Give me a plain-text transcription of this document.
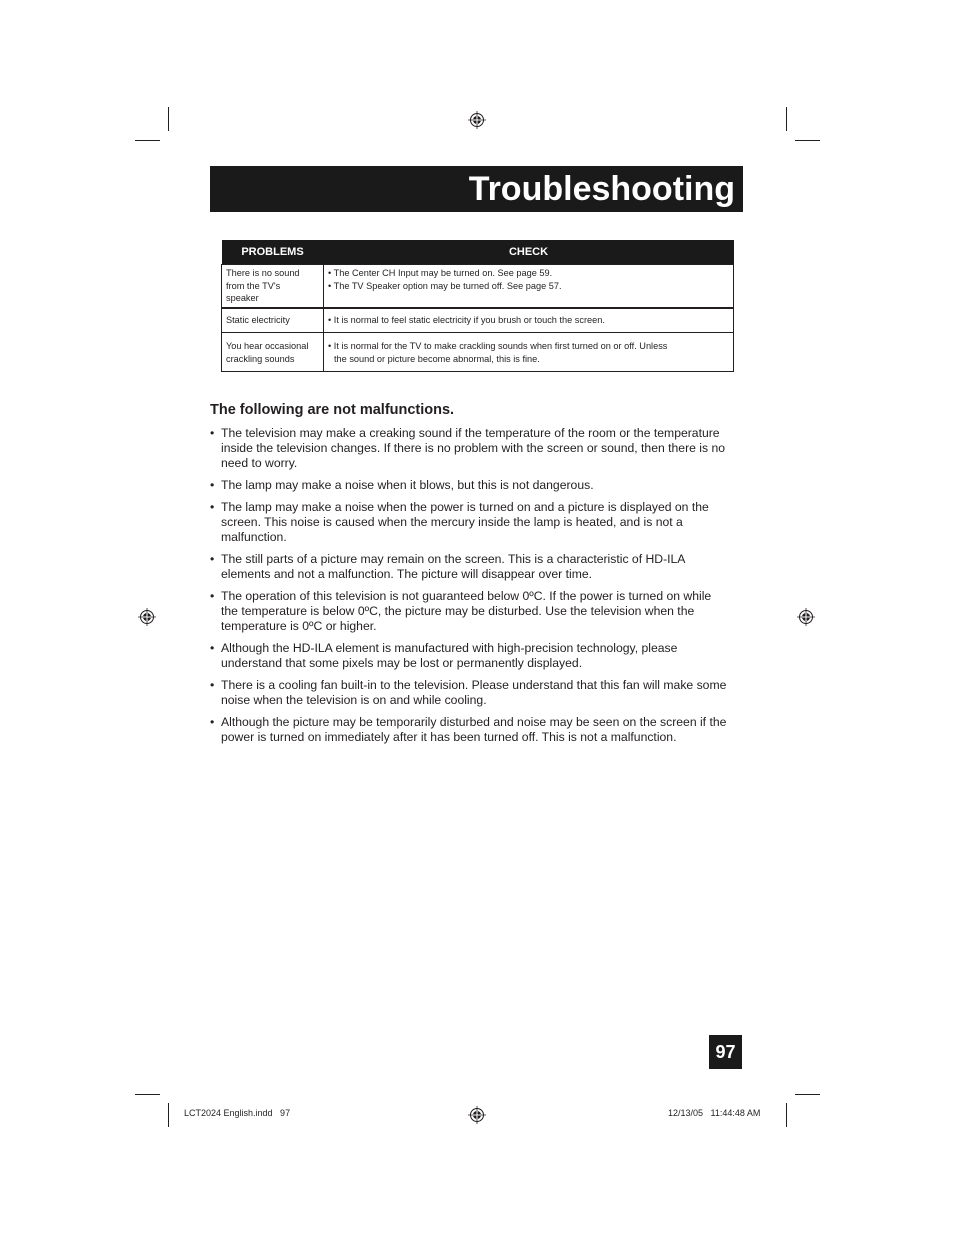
Troubleshooting
PROBLEMS	CHECK

There is no sound
from the TV's
speaker	• The Center CH Input may be turned on. See page 59.
• The TV Speaker option may be turned off. See page 57.

Static electricity	• It is normal to feel static electricity if you brush or touch the screen.

You hear occasional
crackling sounds	• It is normal for the TV to make crackling sounds when first turned on or off. Unless
the sound or picture become abnormal, this is fine.
The following are not malfunctions.
• The television may make a creaking sound if the temperature of the room or the temperature inside the television changes. If there is no problem with the screen or sound, then there is no need to worry.
• The lamp may make a noise when it blows, but this is not dangerous.
• The lamp may make a noise when the power is turned on and a picture is displayed on the screen. This noise is caused when the mercury inside the lamp is heated, and is not a malfunction.
• The still parts of a picture may remain on the screen. This is a characteristic of HD-ILA elements and not a malfunction. The picture will disappear over time.
• The operation of this television is not guaranteed below 0ºC. If the power is turned on while the temperature is below 0ºC, the picture may be disturbed. Use the television when the temperature is 0ºC or higher.
• Although the HD-ILA element is manufactured with high-precision technology, please understand that some pixels may be lost or permanently displayed.
• There is a cooling fan built-in to the television. Please understand that this fan will make some noise when the television is on and while cooling.
• Although the picture may be temporarily disturbed and noise may be seen on the screen if the power is turned on immediately after it has been turned off. This is not a malfunction.
97
LCT2024 English.indd   97	12/13/05   11:44:48 AM
